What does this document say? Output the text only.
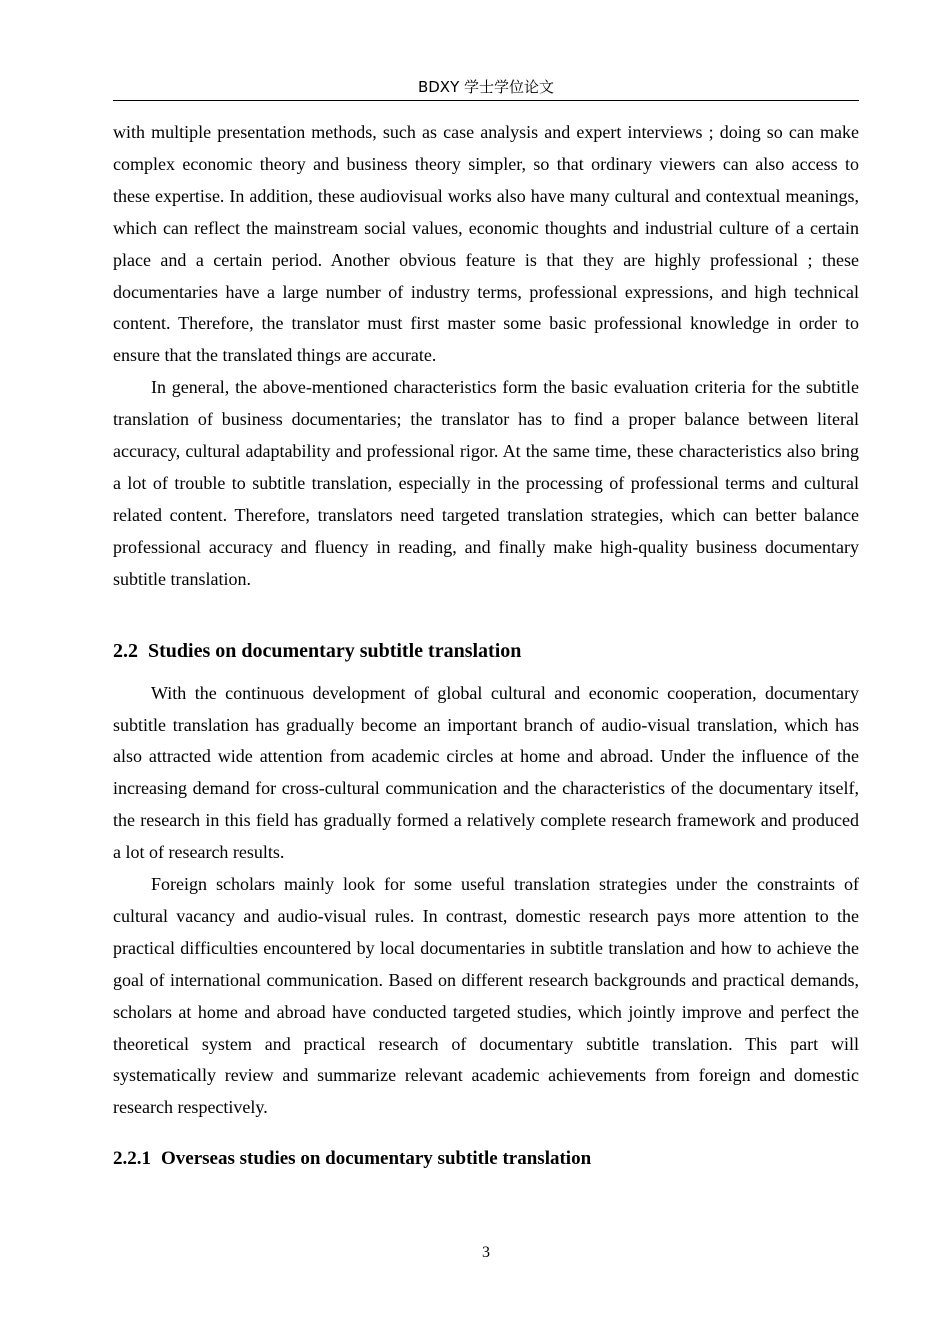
BDXY 学士学位论文

with multiple presentation methods, such as case analysis and expert interviews ; doing so can make complex economic theory and business theory simpler, so that ordinary viewers can also access to these expertise. In addition, these audiovisual works also have many cultural and contextual meanings, which can reflect the mainstream social values, economic thoughts and industrial culture of a certain place and a certain period. Another obvious feature is that they are highly professional ; these documentaries have a large number of industry terms, professional expressions, and high technical content. Therefore, the translator must first master some basic professional knowledge in order to ensure that the translated things are accurate.

In general, the above-mentioned characteristics form the basic evaluation criteria for the subtitle translation of business documentaries; the translator has to find a proper balance between literal accuracy, cultural adaptability and professional rigor. At the same time, these characteristics also bring a lot of trouble to subtitle translation, especially in the processing of professional terms and cultural related content. Therefore, translators need targeted translation strategies, which can better balance professional accuracy and fluency in reading, and finally make high-quality business documentary subtitle translation.

2.2 Studies on documentary subtitle translation

With the continuous development of global cultural and economic cooperation, documentary subtitle translation has gradually become an important branch of audio-visual translation, which has also attracted wide attention from academic circles at home and abroad. Under the influence of the increasing demand for cross-cultural communication and the characteristics of the documentary itself, the research in this field has gradually formed a relatively complete research framework and produced a lot of research results.

Foreign scholars mainly look for some useful translation strategies under the constraints of cultural vacancy and audio-visual rules. In contrast, domestic research pays more attention to the practical difficulties encountered by local documentaries in subtitle translation and how to achieve the goal of international communication. Based on different research backgrounds and practical demands, scholars at home and abroad have conducted targeted studies, which jointly improve and perfect the theoretical system and practical research of documentary subtitle translation. This part will systematically review and summarize relevant academic achievements from foreign and domestic research respectively.

2.2.1 Overseas studies on documentary subtitle translation
3
